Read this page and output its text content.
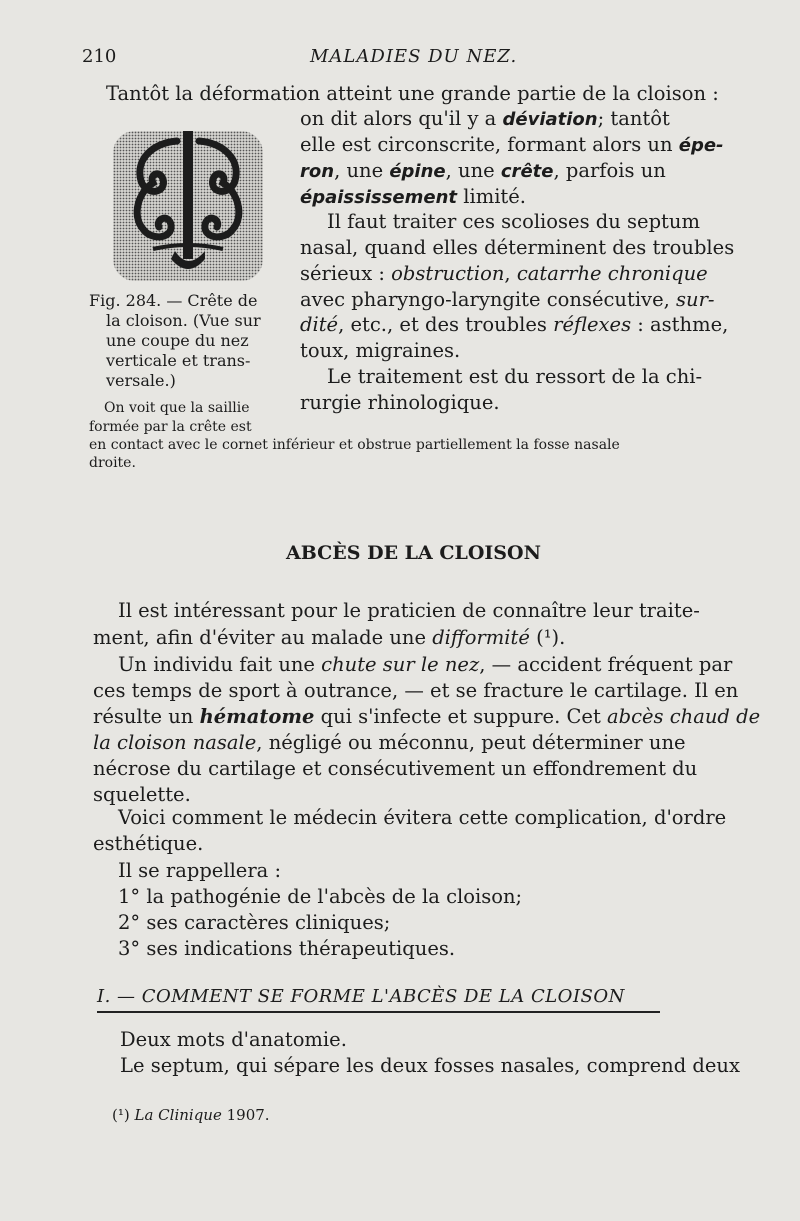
210	MALADIES DU NEZ.
Tantôt la déformation atteint une grande partie de la cloison :
on dit alors qu'il y a déviation; tantôt
elle est circonscrite, formant alors un épe-
ron, une épine, une crête, parfois un
épaississement limité.
Il faut traiter ces scolioses du septum
nasal, quand elles déterminent des troubles
sérieux : obstruction, catarrhe chronique
avec pharyngo-laryngite consécutive, sur-
dité, etc., et des troubles réflexes : asthme,
toux, migraines.
Le traitement est du ressort de la chi-
rurgie rhinologique.
Fig. 284. — Crête de
la cloison. (Vue sur
une coupe du nez
verticale et trans-
versale.)
On voit que la saillie
formée par la crête est
en contact avec le cornet inférieur et obstrue partiellement la fosse nasale
droite.
ABCÈS DE LA CLOISON
Il est intéressant pour le praticien de connaître leur traite-
ment, afin d'éviter au malade une difformité (¹).
Un individu fait une chute sur le nez, — accident fréquent par
ces temps de sport à outrance, — et se fracture le cartilage. Il en
résulte un hématome qui s'infecte et suppure. Cet abcès chaud de
la cloison nasale, négligé ou méconnu, peut déterminer une
nécrose du cartilage et consécutivement un effondrement du
squelette.
Voici comment le médecin évitera cette complication, d'ordre
esthétique.
Il se rappellera :
1° la pathogénie de l'abcès de la cloison;
2° ses caractères cliniques;
3° ses indications thérapeutiques.
I. — COMMENT SE FORME L'ABCÈS DE LA CLOISON
Deux mots d'anatomie.
Le septum, qui sépare les deux fosses nasales, comprend deux
(¹) La Clinique 1907.
